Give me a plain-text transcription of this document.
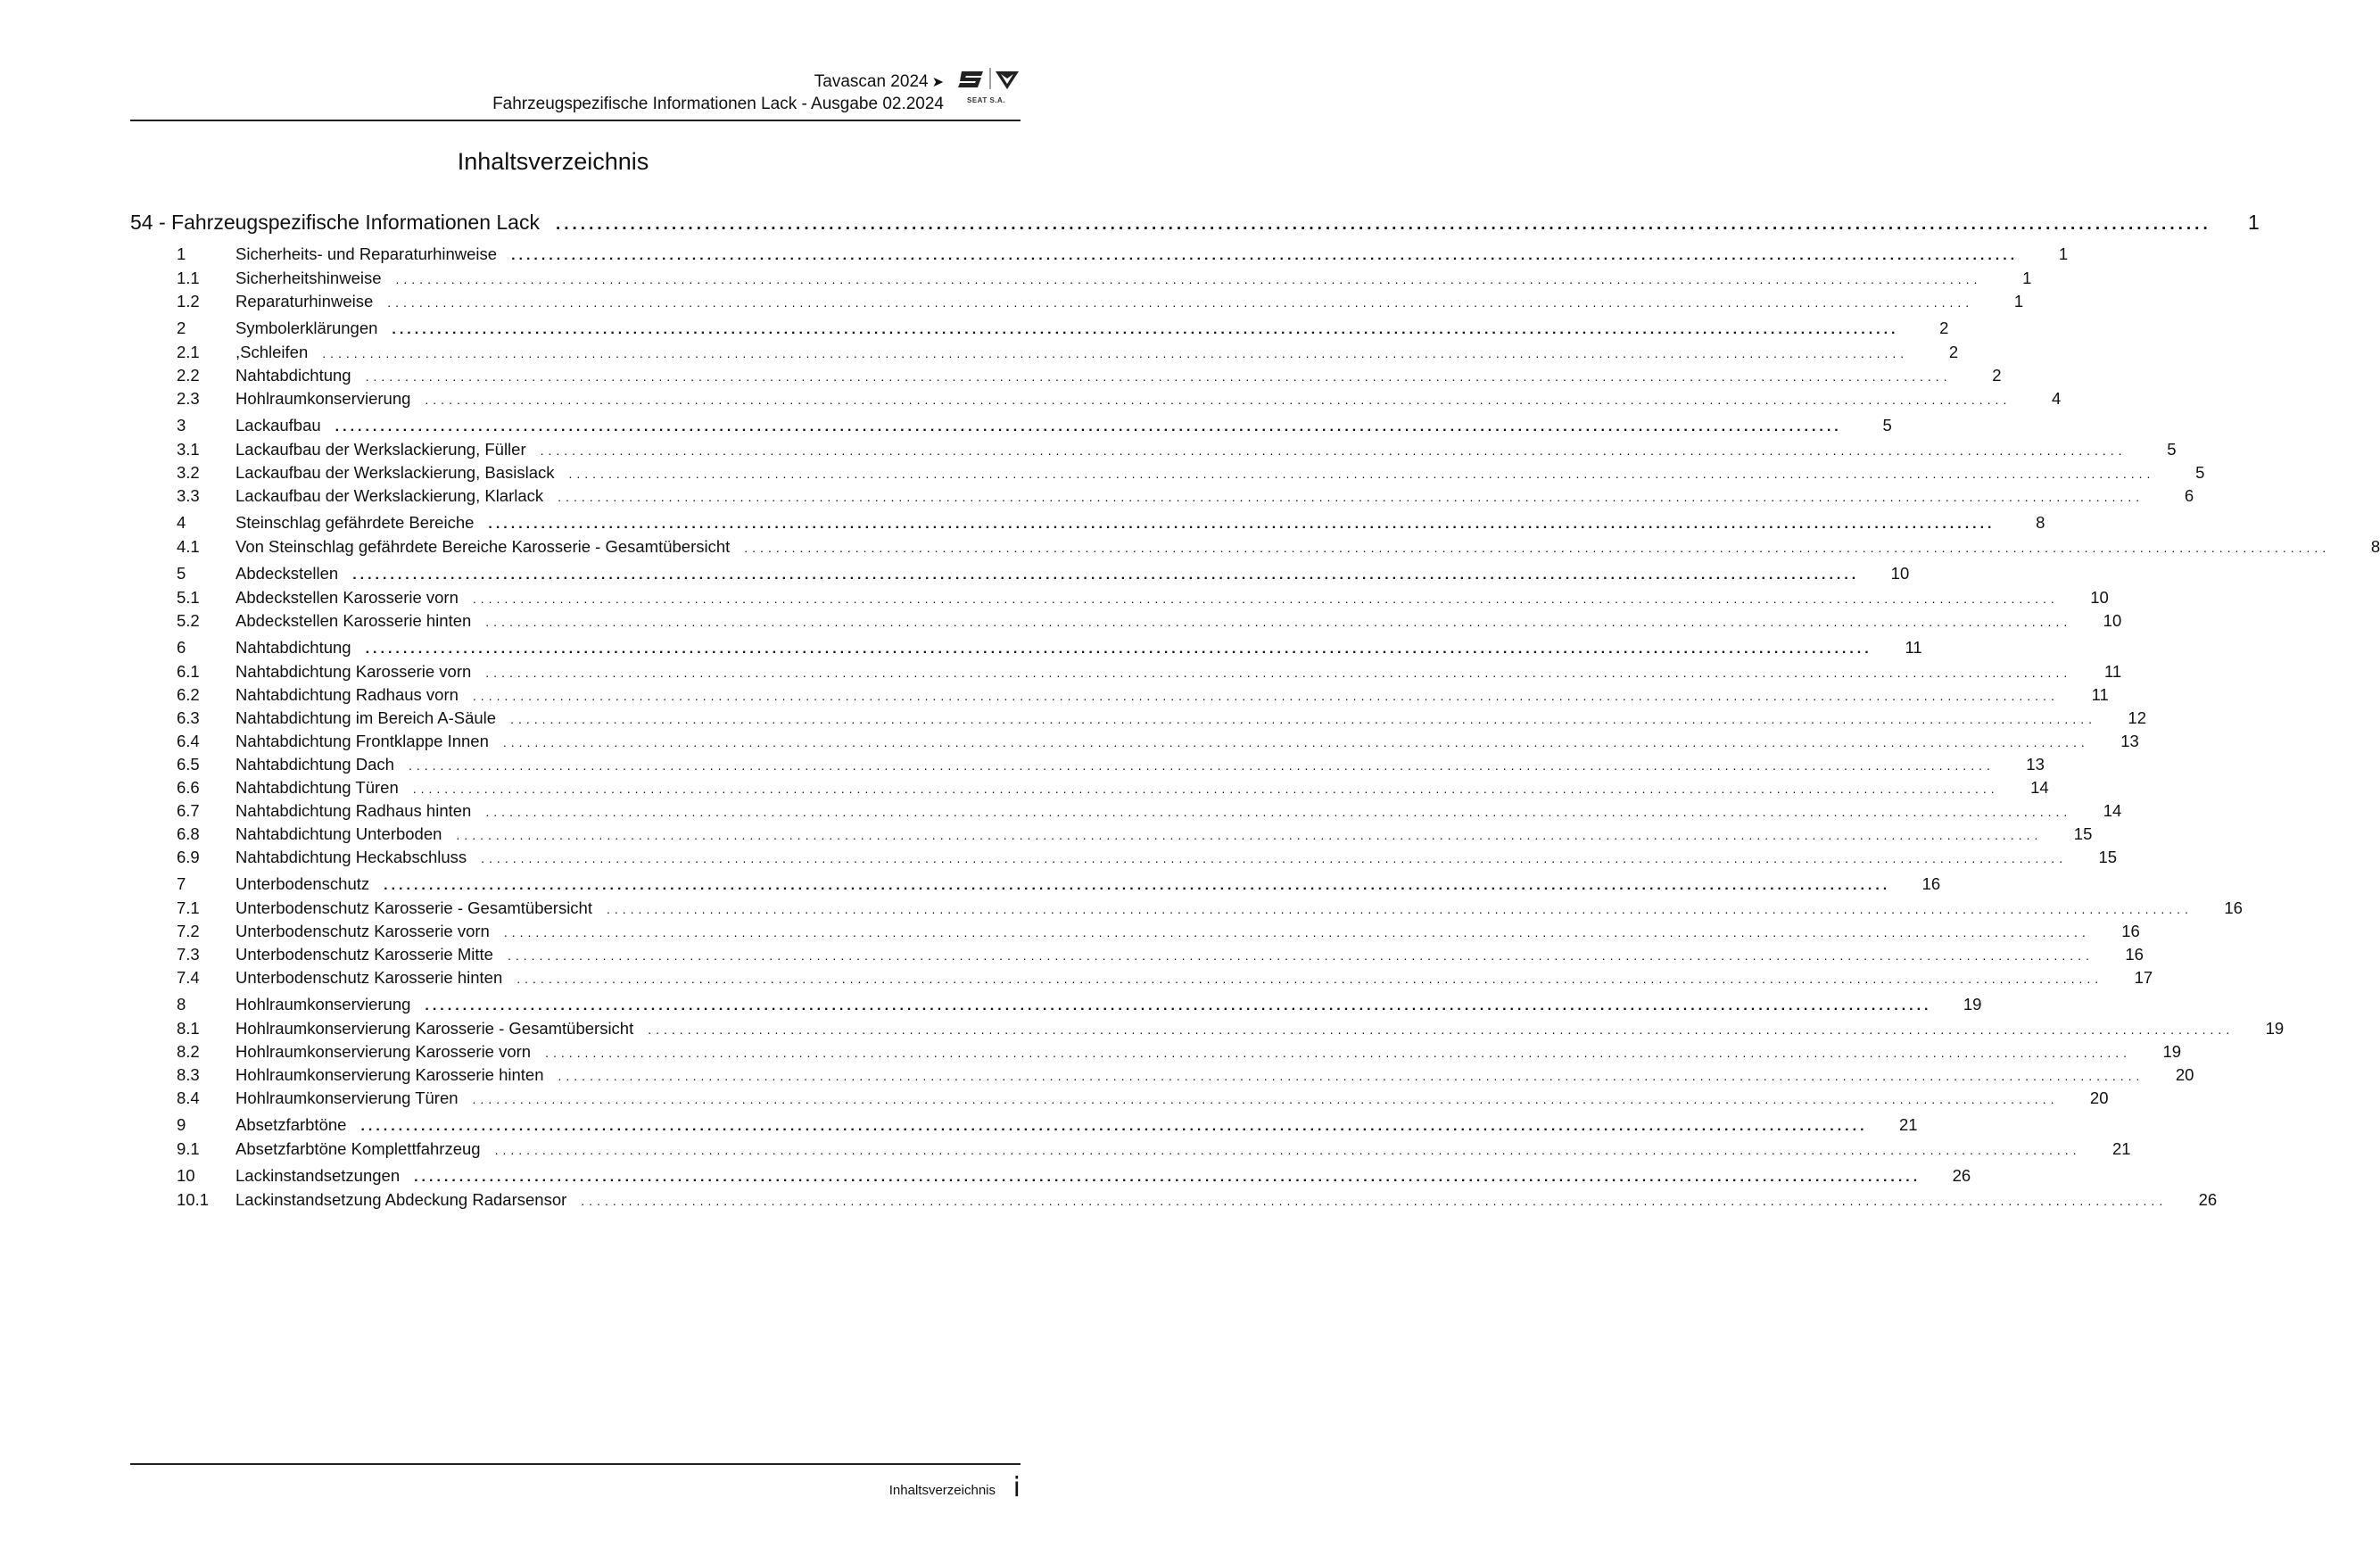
Tavascan 2024 ➤
Fahrzeugspezifische Informationen Lack - Ausgabe 02.2024	SEAT S.A.
Inhaltsverzeichnis
54 - Fahrzeugspezifische Informationen Lack ........................................................................................................................................................................................................	1
1	Sicherheits- und Reparaturhinweise	........................................................................................................................................................................................................	1
1.1	Sicherheitshinweise	........................................................................................................................................................................................................	1
1.2	Reparaturhinweise	........................................................................................................................................................................................................	1
2	Symbolerklärungen	........................................................................................................................................................................................................	2
2.1	,Schleifen	........................................................................................................................................................................................................	2
2.2	Nahtabdichtung	........................................................................................................................................................................................................	2
2.3	Hohlraumkonservierung	........................................................................................................................................................................................................	4
3	Lackaufbau	........................................................................................................................................................................................................	5
3.1	Lackaufbau der Werkslackierung, Füller	........................................................................................................................................................................................................	5
3.2	Lackaufbau der Werkslackierung, Basislack	........................................................................................................................................................................................................	5
3.3	Lackaufbau der Werkslackierung, Klarlack	........................................................................................................................................................................................................	6
4	Steinschlag gefährdete Bereiche	........................................................................................................................................................................................................	8
4.1	Von Steinschlag gefährdete Bereiche Karosserie - Gesamtübersicht	........................................................................................................................................................................................................	8
5	Abdeckstellen	........................................................................................................................................................................................................	10
5.1	Abdeckstellen Karosserie vorn	........................................................................................................................................................................................................	10
5.2	Abdeckstellen Karosserie hinten	........................................................................................................................................................................................................	10
6	Nahtabdichtung	........................................................................................................................................................................................................	11
6.1	Nahtabdichtung Karosserie vorn	........................................................................................................................................................................................................	11
6.2	Nahtabdichtung Radhaus vorn	........................................................................................................................................................................................................	11
6.3	Nahtabdichtung im Bereich A-Säule	........................................................................................................................................................................................................	12
6.4	Nahtabdichtung Frontklappe Innen	........................................................................................................................................................................................................	13
6.5	Nahtabdichtung Dach	........................................................................................................................................................................................................	13
6.6	Nahtabdichtung Türen	........................................................................................................................................................................................................	14
6.7	Nahtabdichtung Radhaus hinten	........................................................................................................................................................................................................	14
6.8	Nahtabdichtung Unterboden	........................................................................................................................................................................................................	15
6.9	Nahtabdichtung Heckabschluss	........................................................................................................................................................................................................	15
7	Unterbodenschutz	........................................................................................................................................................................................................	16
7.1	Unterbodenschutz Karosserie - Gesamtübersicht	........................................................................................................................................................................................................	16
7.2	Unterbodenschutz Karosserie vorn	........................................................................................................................................................................................................	16
7.3	Unterbodenschutz Karosserie Mitte	........................................................................................................................................................................................................	16
7.4	Unterbodenschutz Karosserie hinten	........................................................................................................................................................................................................	17
8	Hohlraumkonservierung	........................................................................................................................................................................................................	19
8.1	Hohlraumkonservierung Karosserie - Gesamtübersicht	........................................................................................................................................................................................................	19
8.2	Hohlraumkonservierung Karosserie vorn	........................................................................................................................................................................................................	19
8.3	Hohlraumkonservierung Karosserie hinten	........................................................................................................................................................................................................	20
8.4	Hohlraumkonservierung Türen	........................................................................................................................................................................................................	20
9	Absetzfarbtöne	........................................................................................................................................................................................................	21
9.1	Absetzfarbtöne Komplettfahrzeug	........................................................................................................................................................................................................	21
10	Lackinstandsetzungen	........................................................................................................................................................................................................	26
10.1	Lackinstandsetzung Abdeckung Radarsensor	........................................................................................................................................................................................................	26
Inhaltsverzeichnis i
